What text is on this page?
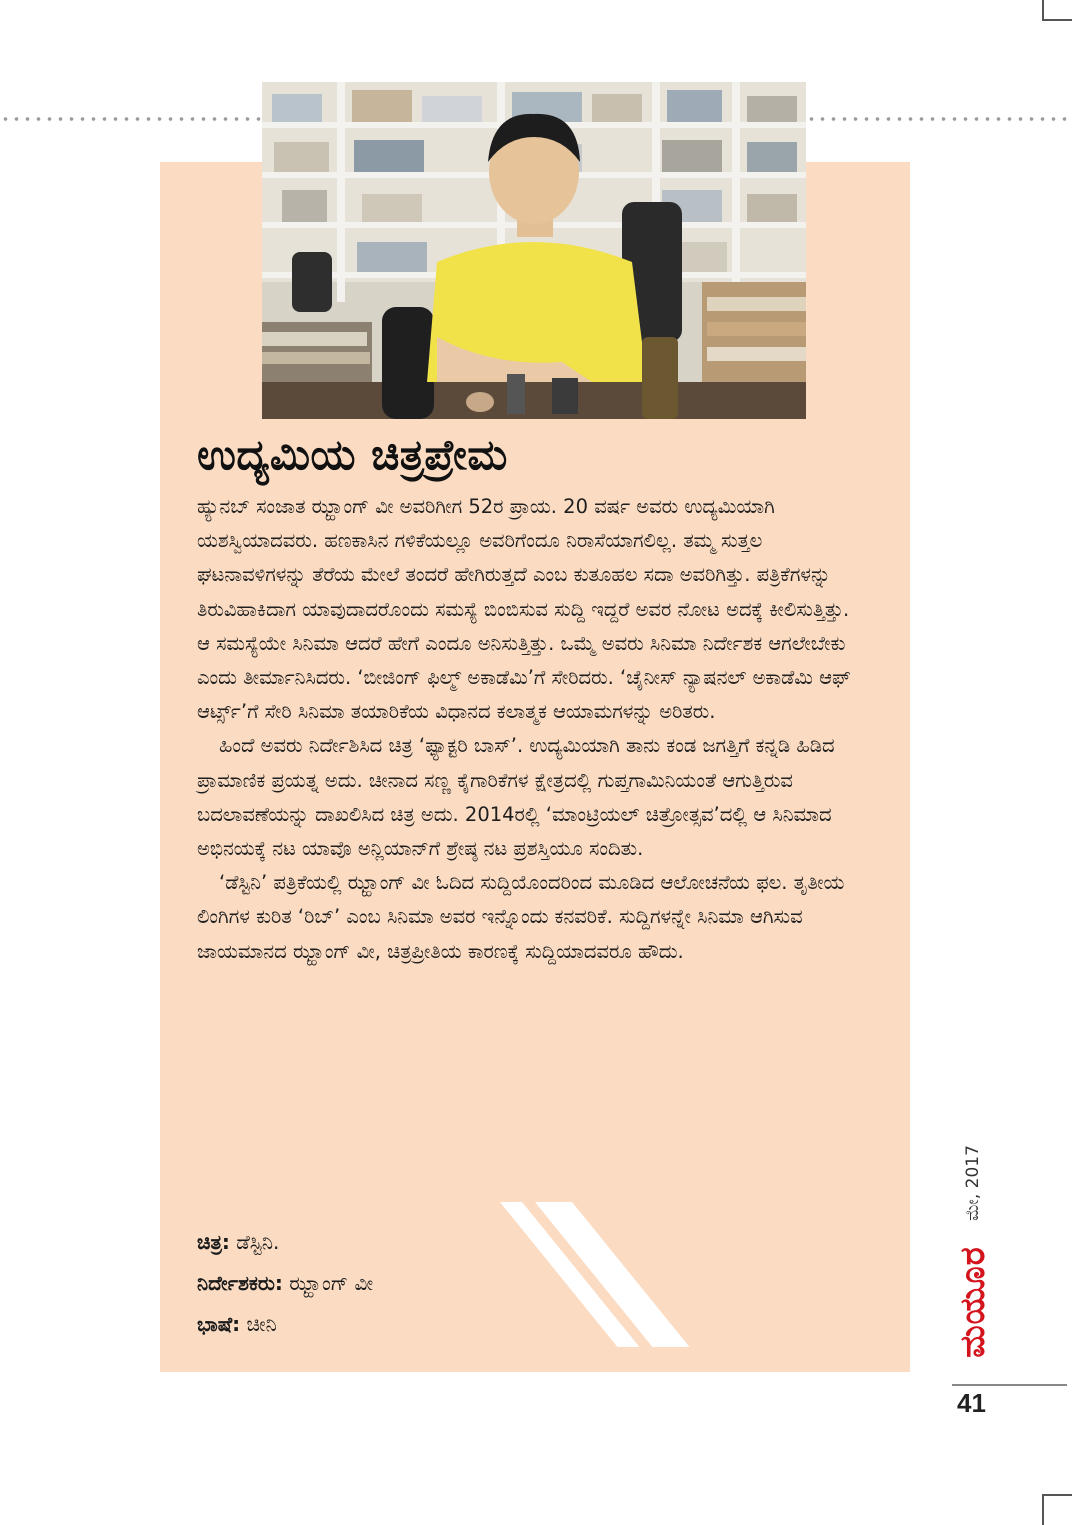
ಉದ್ಯಮಿಯ ಚಿತ್ರಪ್ರೇಮ

ಹ್ಯುನಬ್‌ ಸಂಜಾತ ಝ್ಹಾಂಗ್‌ ವೀ ಅವರಿಗೀಗ 52ರ ಪ್ರಾಯ. 20 ವರ್ಷ ಅವರು ಉದ್ಯಮಿಯಾಗಿ ಯಶಸ್ವಿಯಾದವರು. ಹಣಕಾಸಿನ ಗಳಿಕೆಯಲ್ಲೂ ಅವರಿಗೆಂದೂ ನಿರಾಸೆಯಾಗಲಿಲ್ಲ. ತಮ್ಮ ಸುತ್ತಲ ಘಟನಾವಳಿಗಳನ್ನು ತೆರೆಯ ಮೇಲೆ ತಂದರೆ ಹೇಗಿರುತ್ತದೆ ಎಂಬ ಕುತೂಹಲ ಸದಾ ಅವರಿಗಿತ್ತು. ಪತ್ರಿಕೆಗಳನ್ನು ತಿರುವಿಹಾಕಿದಾಗ ಯಾವುದಾದರೊಂದು ಸಮಸ್ಯೆ ಬಿಂಬಿಸುವ ಸುದ್ದಿ ಇದ್ದರೆ ಅವರ ನೋಟ ಅದಕ್ಕೆ ಕೀಲಿಸುತ್ತಿತ್ತು. ಆ ಸಮಸ್ಯೆಯೇ ಸಿನಿಮಾ ಆದರೆ ಹೇಗೆ ಎಂದೂ ಅನಿಸುತ್ತಿತ್ತು. ಒಮ್ಮೆ ಅವರು ಸಿನಿಮಾ ನಿರ್ದೇಶಕ ಆಗಲೇಬೇಕು ಎಂದು ತೀರ್ಮಾನಿಸಿದರು. ‘ಬೀಜಿಂಗ್‌ ಫಿಲ್ಮ್‌ ಅಕಾಡೆಮಿ’ಗೆ ಸೇರಿದರು. ‘ಚೈನೀಸ್‌ ನ್ಯಾಷನಲ್‌ ಅಕಾಡೆಮಿ ಆಫ್‌ ಆರ್ಟ್ಸ್‌’ಗೆ ಸೇರಿ ಸಿನಿಮಾ ತಯಾರಿಕೆಯ ವಿಧಾನದ ಕಲಾತ್ಮಕ ಆಯಾಮಗಳನ್ನು ಅರಿತರು.

ಹಿಂದೆ ಅವರು ನಿರ್ದೇಶಿಸಿದ ಚಿತ್ರ ‘ಫ್ಯಾಕ್ಟರಿ ಬಾಸ್‌’. ಉದ್ಯಮಿಯಾಗಿ ತಾನು ಕಂಡ ಜಗತ್ತಿಗೆ ಕನ್ನಡಿ ಹಿಡಿದ ಪ್ರಾಮಾಣಿಕ ಪ್ರಯತ್ನ ಅದು. ಚೀನಾದ ಸಣ್ಣ ಕೈಗಾರಿಕೆಗಳ ಕ್ಷೇತ್ರದಲ್ಲಿ ಗುಪ್ತಗಾಮಿನಿಯಂತೆ ಆಗುತ್ತಿರುವ ಬದಲಾವಣೆಯನ್ನು ದಾಖಲಿಸಿದ ಚಿತ್ರ ಅದು. 2014ರಲ್ಲಿ ‘ಮಾಂಟ್ರಿಯಲ್‌ ಚಿತ್ರೋತ್ಸವ’ದಲ್ಲಿ ಆ ಸಿನಿಮಾದ ಅಭಿನಯಕ್ಕೆ ನಟ ಯಾವೊ ಅನ್ಲಿಯಾನ್‌ಗೆ ಶ್ರೇಷ್ಠ ನಟ ಪ್ರಶಸ್ತಿಯೂ ಸಂದಿತು.

‘ಡೆಸ್ಟಿನಿ’ ಪತ್ರಿಕೆಯಲ್ಲಿ ಝ್ಹಾಂಗ್‌ ವೀ ಓದಿದ ಸುದ್ದಿಯೊಂದರಿಂದ ಮೂಡಿದ ಆಲೋಚನೆಯ ಫಲ. ತೃತೀಯ ಲಿಂಗಿಗಳ ಕುರಿತ ‘ರಿಬ್‌’ ಎಂಬ ಸಿನಿಮಾ ಅವರ ಇನ್ನೊಂದು ಕನವರಿಕೆ. ಸುದ್ದಿಗಳನ್ನೇ ಸಿನಿಮಾ ಆಗಿಸುವ ಜಾಯಮಾನದ ಝ್ಹಾಂಗ್‌ ವೀ, ಚಿತ್ರಪ್ರೀತಿಯ ಕಾರಣಕ್ಕೆ ಸುದ್ದಿಯಾದವರೂ ಹೌದು.

ಚಿತ್ರ: ಡೆಸ್ಟಿನಿ.
ನಿರ್ದೇಶಕರು: ಝ್ಹಾಂಗ್‌ ವೀ
ಭಾಷೆ: ಚೀನಿ
ಮೇ, 2017
ಮಯೂರ
41
